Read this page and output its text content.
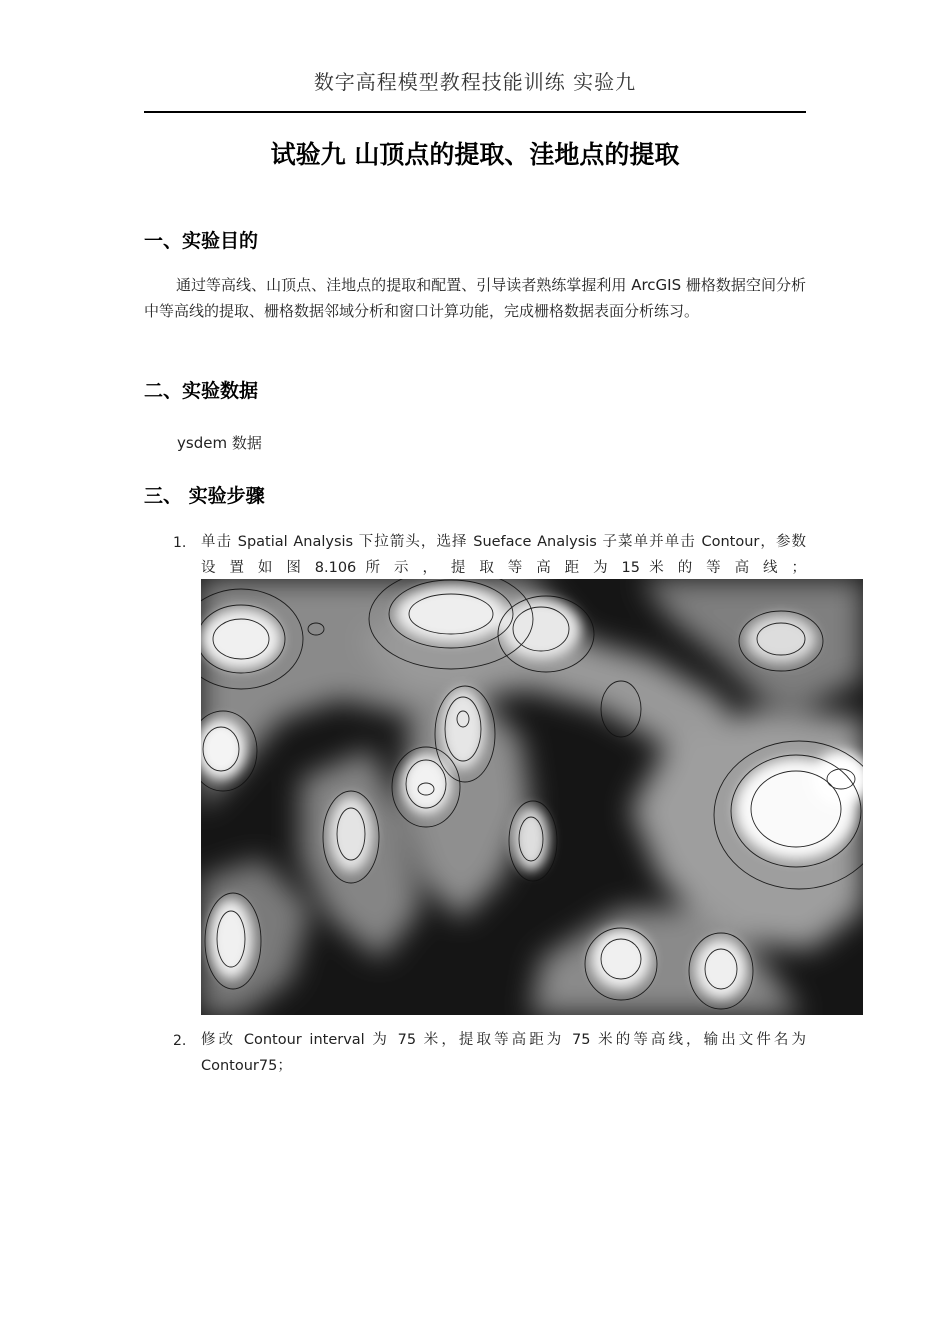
数字高程模型教程技能训练 实验九
试验九 山顶点的提取、洼地点的提取
一、实验目的
通过等高线、山顶点、洼地点的提取和配置、引导读者熟练掌握利用 ArcGIS 栅格数据空间分析中等高线的提取、栅格数据邻域分析和窗口计算功能，完成栅格数据表面分析练习。
二、实验数据
ysdem 数据
三、 实验步骤
1. 单击 Spatial Analysis 下拉箭头，选择 Sueface Analysis 子菜单并单击 Contour，参数
设 置 如 图 8.106 所 示 ， 提 取 等 高 距 为 15 米 的 等 高 线 ；
2. 修改 Contour interval 为 75 米，提取等高距为 75 米的等高线，输出文件名为
Contour75；
